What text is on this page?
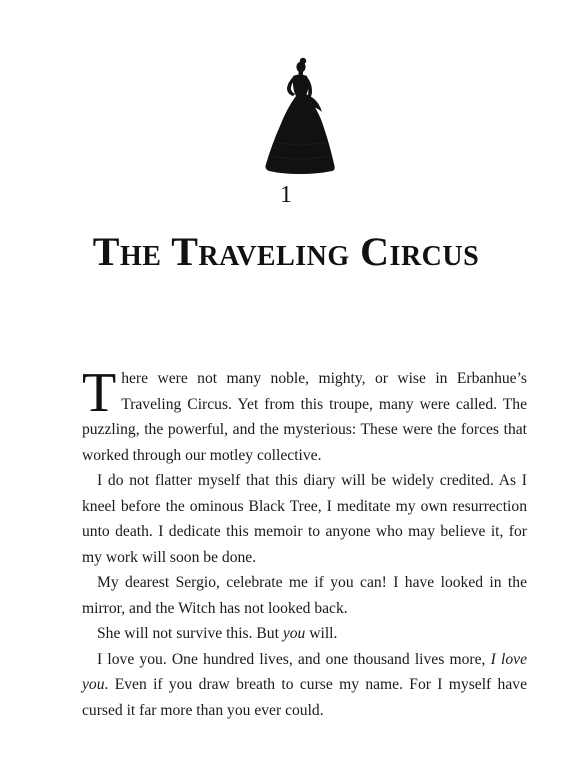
1
The Traveling Circus

There were not many noble, mighty, or wise in Erbanhue’s Traveling Circus. Yet from this troupe, many were called. The puzzling, the powerful, and the mysterious: These were the forces that worked through our motley collective.

I do not flatter myself that this diary will be widely credited. As I kneel before the ominous Black Tree, I meditate my own resurrection unto death. I dedicate this memoir to anyone who may believe it, for my work will soon be done.

My dearest Sergio, celebrate me if you can! I have looked in the mirror, and the Witch has not looked back.

She will not survive this. But you will.

I love you. One hundred lives, and one thousand lives more, I love you. Even if you draw breath to curse my name. For I myself have cursed it far more than you ever could.
